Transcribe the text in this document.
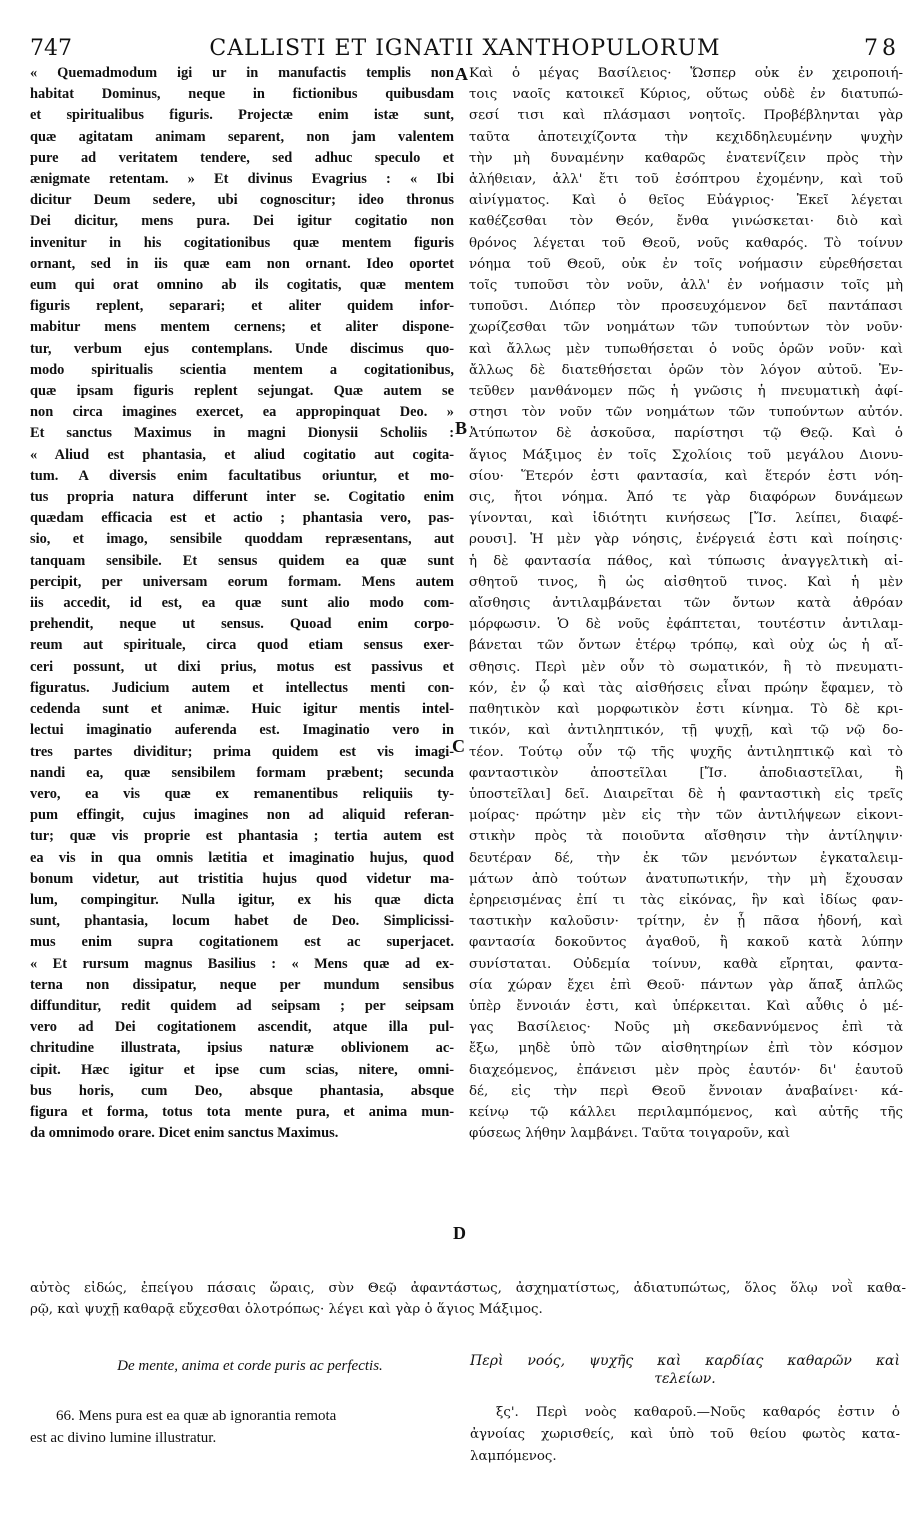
747	CALLISTI ET IGNATII XANTHOPULORUM	78
« Quemadmodum igi ur in manufactis templis non
habitat Dominus, neque in fictionibus quibusdam
et spiritualibus figuris. Projectæ enim istæ sunt,
quæ agitatam animam separent, non jam valentem
pure ad veritatem tendere, sed adhuc speculo et
ænigmate retentam. » Et divinus Evagrius : « Ibi
dicitur Deum sedere, ubi cognoscitur; ideo thronus
Dei dicitur, mens pura. Dei igitur cogitatio non
invenitur in his cogitationibus quæ mentem figuris
ornant, sed in iis quæ eam non ornant. Ideo oportet
eum qui orat omnino ab ils cogitatis, quæ mentem
figuris replent, separari; et aliter quidem infor-
mabitur mens mentem cernens; et aliter dispone-
tur, verbum ejus contemplans. Unde discimus quo-
modo spiritualis scientia mentem a cogitationibus,
quæ ipsam figuris replent sejungat. Quæ autem se
non circa imagines exercet, ea appropinquat Deo. »
Et sanctus Maximus in magni Dionysii Scholiis :
« Aliud est phantasia, et aliud cogitatio aut cogita-
tum. A diversis enim facultatibus oriuntur, et mo-
tus propria natura differunt inter se. Cogitatio enim
quædam efficacia est et actio ; phantasia vero, pas-
sio, et imago, sensibile quoddam repræsentans, aut
tanquam sensibile. Et sensus quidem ea quæ sunt
percipit, per universam eorum formam. Mens autem
iis accedit, id est, ea quæ sunt alio modo com-
prehendit, neque ut sensus. Quoad enim corpo-
reum aut spirituale, circa quod etiam sensus exer-
ceri possunt, ut dixi prius, motus est passivus et
figuratus. Judicium autem et intellectus menti con-
cedenda sunt et animæ. Huic igitur mentis intel-
lectui imaginatio auferenda est. Imaginatio vero in
tres partes dividitur; prima quidem est vis imagi-
nandi ea, quæ sensibilem formam præbent; secunda
vero, ea vis quæ ex remanentibus reliquiis ty-
pum effingit, cujus imagines non ad aliquid referan-
tur; quæ vis proprie est phantasia ; tertia autem est
ea vis in qua omnis lætitia et imaginatio hujus, quod
bonum videtur, aut tristitia hujus quod videtur ma-
lum, compingitur. Nulla igitur, ex his quæ dicta
sunt, phantasia, locum habet de Deo. Simplicissi-
mus enim supra cogitationem est ac superjacet.
« Et rursum magnus Basilius : « Mens quæ ad ex-
terna non dissipatur, neque per mundum sensibus
diffunditur, redit quidem ad seipsam ; per seipsam
vero ad Dei cogitationem ascendit, atque illa pul-
chritudine illustrata, ipsius naturæ oblivionem ac-
cipit. Hæc igitur et ipse cum scias, nitere, omni-
bus horis, cum Deo, absque phantasia, absque
figura et forma, totus tota mente pura, et anima mun-
da omnimodo orare. Dicet enim sanctus Maximus.
Καὶ ὁ μέγας Βασίλειος· Ὥσπερ οὐκ ἐν χειροποιή-
τοις ναοῖς κατοικεῖ Κύριος, οὕτως οὐδὲ ἐν διατυπώ-
σεσί τισι καὶ πλάσμασι νοητοῖς. Προβέβληνται γὰρ
ταῦτα ἀποτειχίζοντα τὴν κεχιδδηλευμένην ψυχὴν
τὴν μὴ δυναμένην καθαρῶς ἐνατενίζειν πρὸς τὴν
ἀλήθειαν, ἀλλ' ἔτι τοῦ ἐσόπτρου ἐχομένην, καὶ τοῦ
αἰνίγματος. Καὶ ὁ θεῖος Εὐάγριος· Ἐκεῖ λέγεται
καθέζεσθαι τὸν Θεόν, ἔνθα γινώσκεται· διὸ καὶ
θρόνος λέγεται τοῦ Θεοῦ, νοῦς καθαρός. Τὸ τοίνυν
νόημα τοῦ Θεοῦ, οὐκ ἐν τοῖς νοήμασιν εὑρεθήσεται
τοῖς τυποῦσι τὸν νοῦν, ἀλλ' ἐν νοήμασιν τοῖς μὴ
τυποῦσι. Διόπερ τὸν προσευχόμενον δεῖ παντάπασι
χωρίζεσθαι τῶν νοημάτων τῶν τυπούντων τὸν νοῦν·
καὶ ἄλλως μὲν τυπωθήσεται ὁ νοῦς ὁρῶν νοῦν· καὶ
ἄλλως δὲ διατεθήσεται ὁρῶν τὸν λόγον αὐτοῦ. Ἐν-
τεῦθεν μανθάνομεν πῶς ἡ γνῶσις ἡ πνευματικὴ ἀφί-
στησι τὸν νοῦν τῶν νοημάτων τῶν τυπούντων αὐτόν.
Ἀτύπωτον δὲ ἀσκοῦσα, παρίστησι τῷ Θεῷ. Καὶ ὁ
ἅγιος Μάξιμος ἐν τοῖς Σχολίοις τοῦ μεγάλου Διονυ-
σίου· Ἕτερόν ἐστι φαντασία, καὶ ἕτερόν ἐστι νόη-
σις, ἤτοι νόημα. Ἀπό τε γὰρ διαφόρων δυνάμεων
γίνονται, καὶ ἰδιότητι κινήσεως [Ἴσ. λείπει, διαφέ-
ρουσι]. Ἡ μὲν γὰρ νόησις, ἐνέργειά ἐστι καὶ ποίησις·
ἡ δὲ φαντασία πάθος, καὶ τύπωσις ἀναγγελτικὴ αἰ-
σθητοῦ τινος, ἢ ὡς αἰσθητοῦ τινος. Καὶ ἡ μὲν
αἴσθησις ἀντιλαμβάνεται τῶν ὄντων κατὰ ἀθρόαν
μόρφωσιν. Ὁ δὲ νοῦς ἐφάπτεται, τουτέστιν ἀντιλαμ-
βάνεται τῶν ὄντων ἑτέρῳ τρόπῳ, καὶ οὐχ ὡς ἡ αἴ-
σθησις. Περὶ μὲν οὖν τὸ σωματικόν, ἢ τὸ πνευματι-
κόν, ἐν ᾧ καὶ τὰς αἰσθήσεις εἶναι πρώην ἔφαμεν, τὸ
παθητικὸν καὶ μορφωτικὸν ἐστι κίνημα. Τὸ δὲ κρι-
τικόν, καὶ ἀντιληπτικόν, τῇ ψυχῇ, καὶ τῷ νῷ δο-
τέον. Τούτῳ οὖν τῷ τῆς ψυχῆς ἀντιληπτικῷ καὶ τὸ
φανταστικὸν ἀποστεῖλαι [Ἴσ. ἀποδιαστεῖλαι, ἢ
ὑποστεῖλαι] δεῖ. Διαιρεῖται δὲ ἡ φανταστικὴ εἰς τρεῖς
μοίρας· πρώτην μὲν εἰς τὴν τῶν ἀντιλήψεων εἰκονι-
στικὴν πρὸς τὰ ποιοῦντα αἴσθησιν τὴν ἀντίληψιν·
δευτέραν δέ, τὴν ἐκ τῶν μενόντων ἐγκαταλειμ-
μάτων ἀπὸ τούτων ἀνατυπωτικήν, τὴν μὴ ἔχουσαν
ἐρηρεισμένας ἐπί τι τὰς εἰκόνας, ἣν καὶ ἰδίως φαν-
ταστικὴν καλοῦσιν· τρίτην, ἐν ᾗ πᾶσα ἡδονή, καὶ
φαντασία δοκοῦντος ἀγαθοῦ, ἢ κακοῦ κατὰ λύπην
συνίσταται. Οὐδεμία τοίνυν, καθὰ εἴρηται, φαντα-
σία χώραν ἔχει ἐπὶ Θεοῦ· πάντων γὰρ ἅπαξ ἁπλῶς
ὑπὲρ ἔννοιάν ἐστι, καὶ ὑπέρκειται. Καὶ αὖθις ὁ μέ-
γας Βασίλειος· Νοῦς μὴ σκεδαννύμενος ἐπὶ τὰ
ἔξω, μηδὲ ὑπὸ τῶν αἰσθητηρίων ἐπὶ τὸν κόσμον
διαχεόμενος, ἐπάνεισι μὲν πρὸς ἑαυτόν· δι' ἑαυτοῦ
δέ, εἰς τὴν περὶ Θεοῦ ἔννοιαν ἀναβαίνει· κά-
κείνῳ τῷ κάλλει περιλαμπόμενος, καὶ αὐτῆς τῆς
φύσεως λήθην λαμβάνει. Ταῦτα τοιγαροῦν, καὶ
A
B
C
D
αὐτὸς εἰδώς, ἐπείγου πάσαις ὥραις, σὺν Θεῷ ἀφαντάστως, ἀσχηματίστως, ἀδιατυπώτως, ὅλος ὅλῳ νοῒ καθα-
ρῷ, καὶ ψυχῇ καθαρᾷ εὔχεσθαι ὁλοτρόπως· λέγει καὶ γὰρ ὁ ἅγιος Μάξιμος.
De mente, anima et corde puris ac perfectis.	Περὶ νοός, ψυχῆς καὶ καρδίας καθαρῶν καὶ
τελείων.
66. Mens pura est ea quæ ab ignorantia remota
est ac divino lumine illustratur.
ξς'. Περὶ νοὸς καθαροῦ.—Νοῦς καθαρός ἐστιν ὁ
ἀγνοίας χωρισθείς, καὶ ὑπὸ τοῦ θείου φωτὸς κατα-
λαμπόμενος.
